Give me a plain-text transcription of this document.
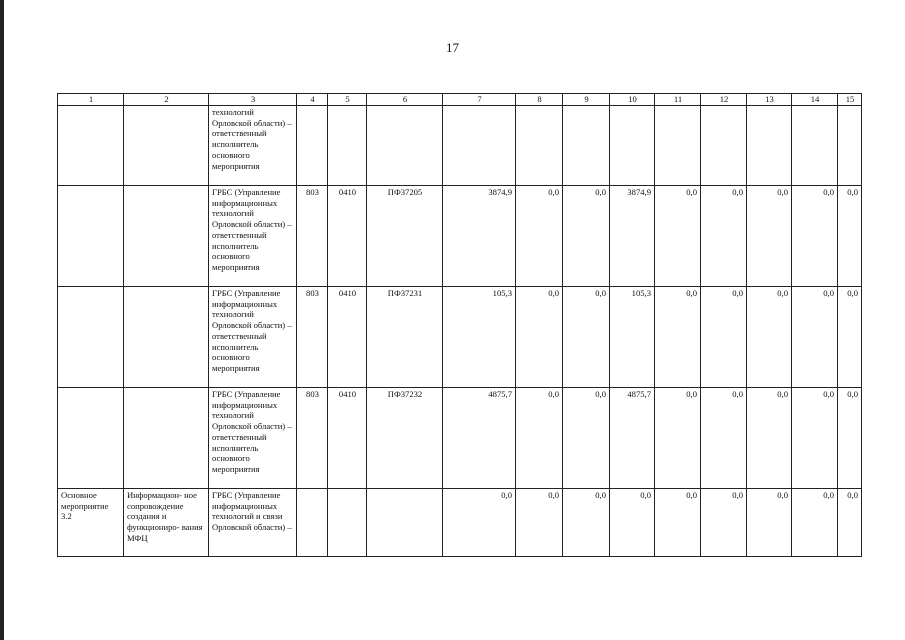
17
1	2	3	4	5	6	7	8	9	10	11	12	13	14	15
		технологий Орловской области) – ответственный исполнитель основного мероприятия												
		ГРБС (Управление информационных технологий Орловской области) – ответственный исполнитель основного мероприятия	803	0410	ПФ37205	3874,9	0,0	0,0	3874,9	0,0	0,0	0,0	0,0	0,0
		ГРБС (Управление информационных технологий Орловской области) – ответственный исполнитель основного мероприятия	803	0410	ПФ37231	105,3	0,0	0,0	105,3	0,0	0,0	0,0	0,0	0,0
		ГРБС (Управление информационных технологий Орловской области) – ответственный исполнитель основного мероприятия	803	0410	ПФ37232	4875,7	0,0	0,0	4875,7	0,0	0,0	0,0	0,0	0,0
Основное мероприятие 3.2	Информацион- ное сопровождение создания и функциониро- вания МФЦ	ГРБС (Управление информационных технологий и связи Орловской области) –				0,0	0,0	0,0	0,0	0,0	0,0	0,0	0,0	0,0
